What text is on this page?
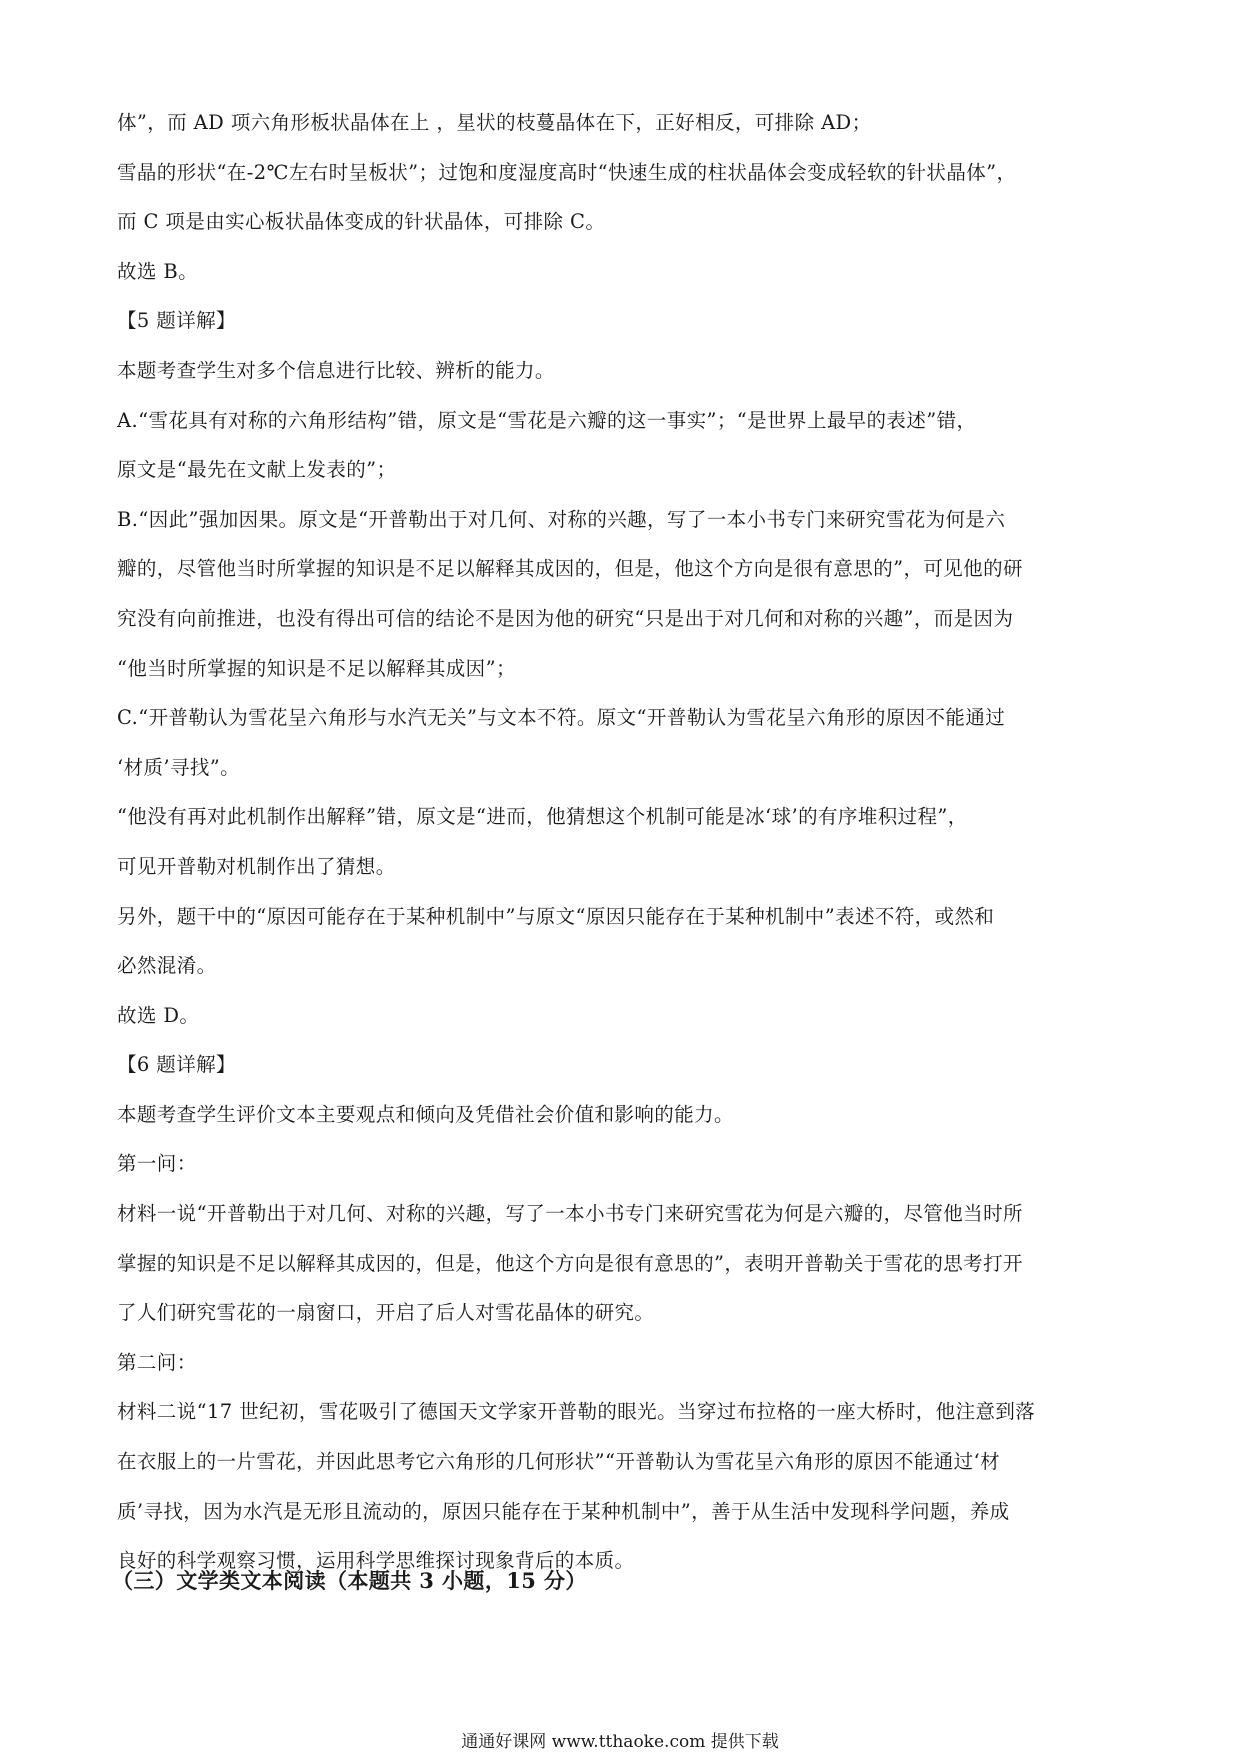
体”，而 AD 项六角形板状晶体在上 ，星状的枝蔓晶体在下，正好相反，可排除 AD；
雪晶的形状“在-2℃左右时呈板状”；过饱和度湿度高时“快速生成的柱状晶体会变成轻软的针状晶体”，
而 C 项是由实心板状晶体变成的针状晶体，可排除 C。
故选 B。
【5 题详解】
本题考查学生对多个信息进行比较、辨析的能力。
A.“雪花具有对称的六角形结构”错，原文是“雪花是六瓣的这一事实”；“是世界上最早的表述”错，
原文是“最先在文献上发表的”；
B.“因此”强加因果。原文是“开普勒出于对几何、对称的兴趣，写了一本小书专门来研究雪花为何是六
瓣的，尽管他当时所掌握的知识是不足以解释其成因的，但是，他这个方向是很有意思的”，可见他的研
究没有向前推进，也没有得出可信的结论不是因为他的研究“只是出于对几何和对称的兴趣”，而是因为
“他当时所掌握的知识是不足以解释其成因”；
C.“开普勒认为雪花呈六角形与水汽无关”与文本不符。原文“开普勒认为雪花呈六角形的原因不能通过
‘材质’寻找”。
“他没有再对此机制作出解释”错，原文是“进而，他猜想这个机制可能是冰‘球’的有序堆积过程”，
可见开普勒对机制作出了猜想。
另外，题干中的“原因可能存在于某种机制中”与原文“原因只能存在于某种机制中”表述不符，或然和
必然混淆。
故选 D。
【6 题详解】
本题考查学生评价文本主要观点和倾向及凭借社会价值和影响的能力。
第一问：
材料一说“开普勒出于对几何、对称的兴趣，写了一本小书专门来研究雪花为何是六瓣的，尽管他当时所
掌握的知识是不足以解释其成因的，但是，他这个方向是很有意思的”，表明开普勒关于雪花的思考打开
了人们研究雪花的一扇窗口，开启了后人对雪花晶体的研究。
第二问：
材料二说“17 世纪初，雪花吸引了德国天文学家开普勒的眼光。当穿过布拉格的一座大桥时，他注意到落
在衣服上的一片雪花，并因此思考它六角形的几何形状”“开普勒认为雪花呈六角形的原因不能通过‘材
质’寻找，因为水汽是无形且流动的，原因只能存在于某种机制中”，善于从生活中发现科学问题，养成
良好的科学观察习惯，运用科学思维探讨现象背后的本质。
（三）文学类文本阅读（本题共 3 小题，15 分）
通通好课网 www.tthaoke.com 提供下载
